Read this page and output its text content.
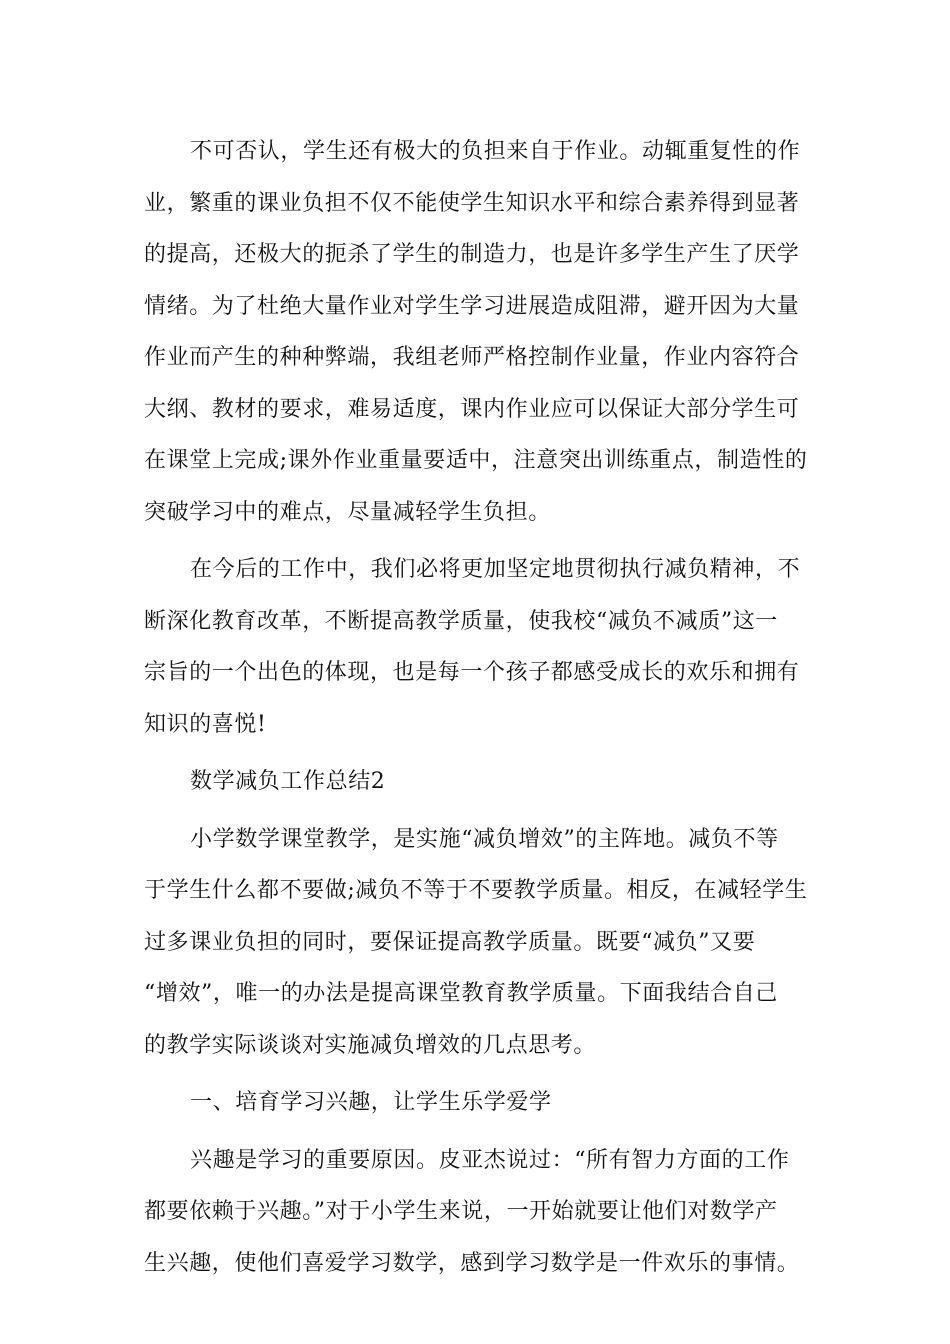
不可否认，学生还有极大的负担来自于作业。动辄重复性的作
业，繁重的课业负担不仅不能使学生知识水平和综合素养得到显著
的提高，还极大的扼杀了学生的制造力，也是许多学生产生了厌学
情绪。为了杜绝大量作业对学生学习进展造成阻滞，避开因为大量
作业而产生的种种弊端，我组老师严格控制作业量，作业内容符合
大纲、教材的要求，难易适度，课内作业应可以保证大部分学生可
在课堂上完成;课外作业重量要适中，注意突出训练重点，制造性的
突破学习中的难点，尽量减轻学生负担。
在今后的工作中，我们必将更加坚定地贯彻执行减负精神，不
断深化教育改革，不断提高教学质量，使我校“减负不减质”这一
宗旨的一个出色的体现，也是每一个孩子都感受成长的欢乐和拥有
知识的喜悦!
数学减负工作总结2
小学数学课堂教学，是实施“减负增效”的主阵地。减负不等
于学生什么都不要做;减负不等于不要教学质量。相反，在减轻学生
过多课业负担的同时，要保证提高教学质量。既要“减负”又要
“增效”，唯一的办法是提高课堂教育教学质量。下面我结合自己
的教学实际谈谈对实施减负增效的几点思考。
一、培育学习兴趣，让学生乐学爱学
兴趣是学习的重要原因。皮亚杰说过：“所有智力方面的工作
都要依赖于兴趣。”对于小学生来说，一开始就要让他们对数学产
生兴趣，使他们喜爱学习数学，感到学习数学是一件欢乐的事情。
